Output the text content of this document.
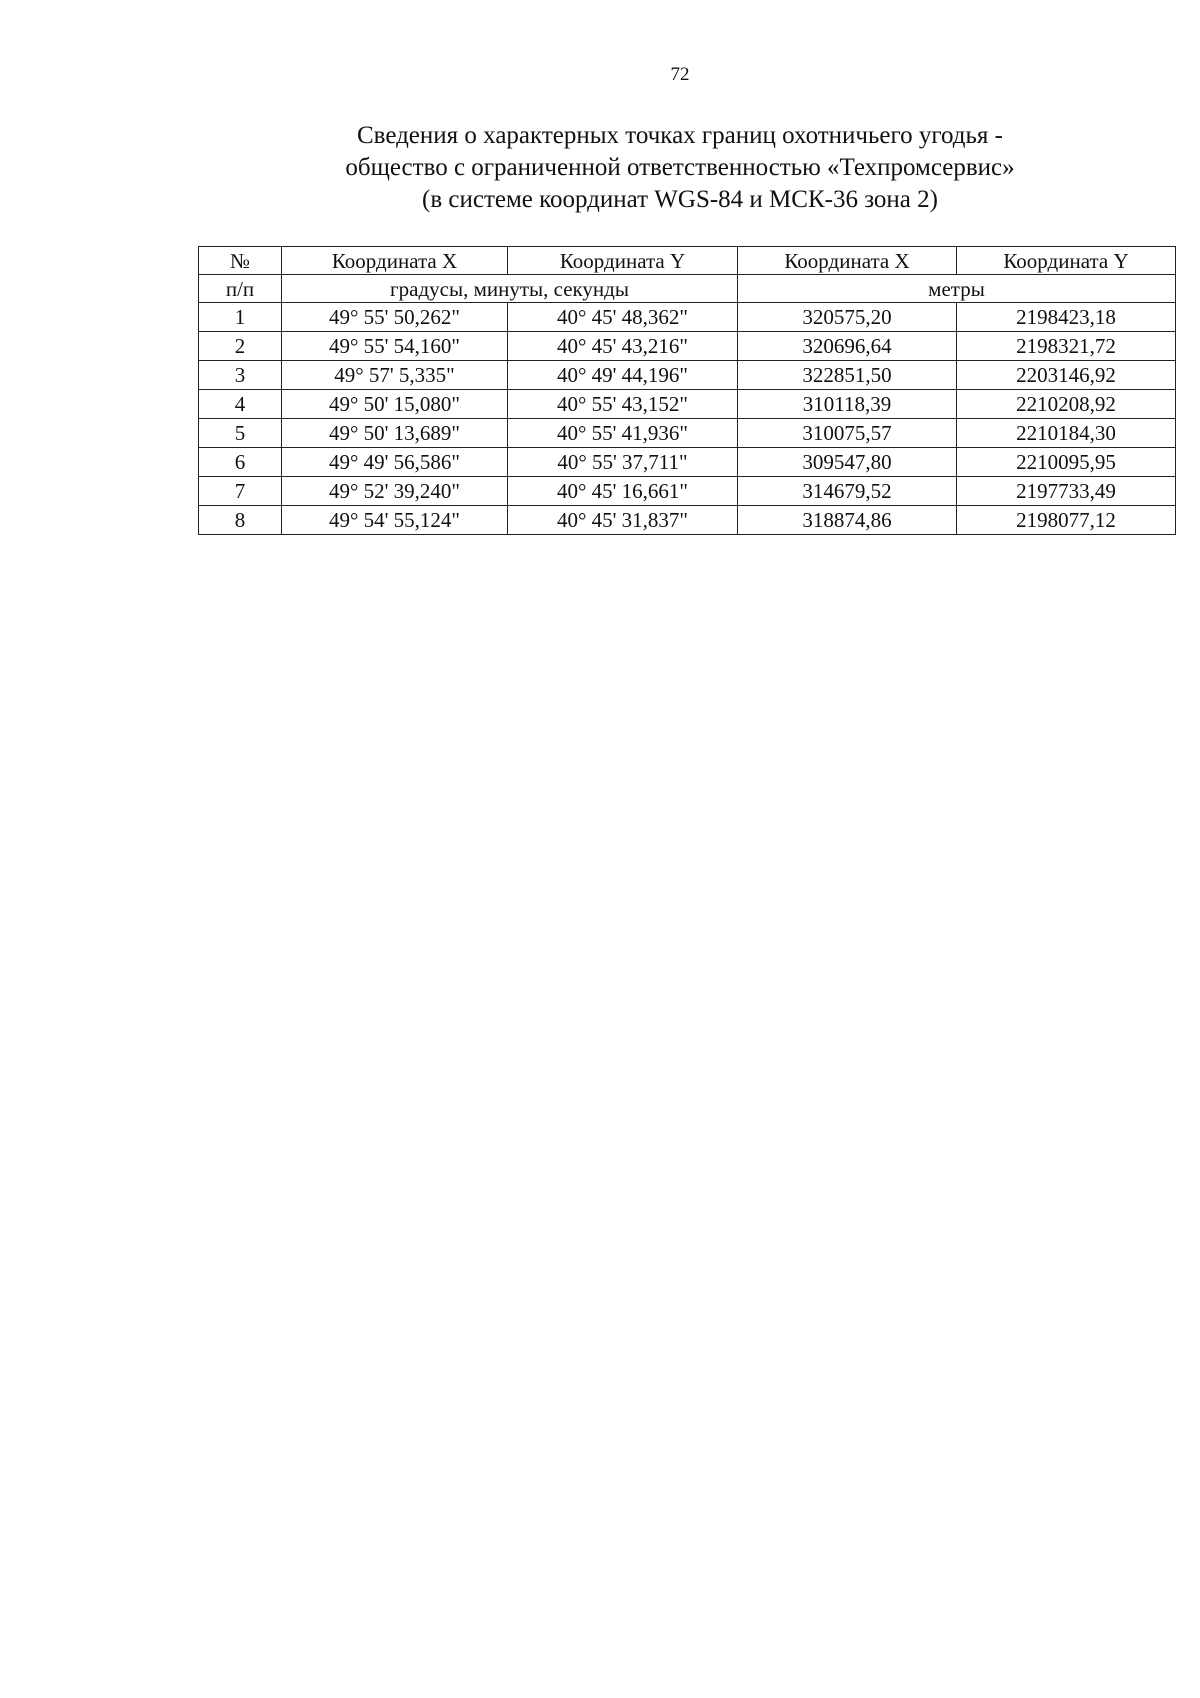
72
Сведения о характерных точках границ охотничьего угодья -
общество с ограниченной ответственностью «Техпромсервис»
(в системе координат WGS-84 и МСК-36 зона 2)
№	Координата X	Координата Y	Координата X	Координата Y
п/п	градусы, минуты, секунды		метры	
1	49° 55' 50,262"	40° 45' 48,362"	320575,20	2198423,18
2	49° 55' 54,160"	40° 45' 43,216"	320696,64	2198321,72
3	49° 57' 5,335"	40° 49' 44,196"	322851,50	2203146,92
4	49° 50' 15,080"	40° 55' 43,152"	310118,39	2210208,92
5	49° 50' 13,689"	40° 55' 41,936"	310075,57	2210184,30
6	49° 49' 56,586"	40° 55' 37,711"	309547,80	2210095,95
7	49° 52' 39,240"	40° 45' 16,661"	314679,52	2197733,49
8	49° 54' 55,124"	40° 45' 31,837"	318874,86	2198077,12
